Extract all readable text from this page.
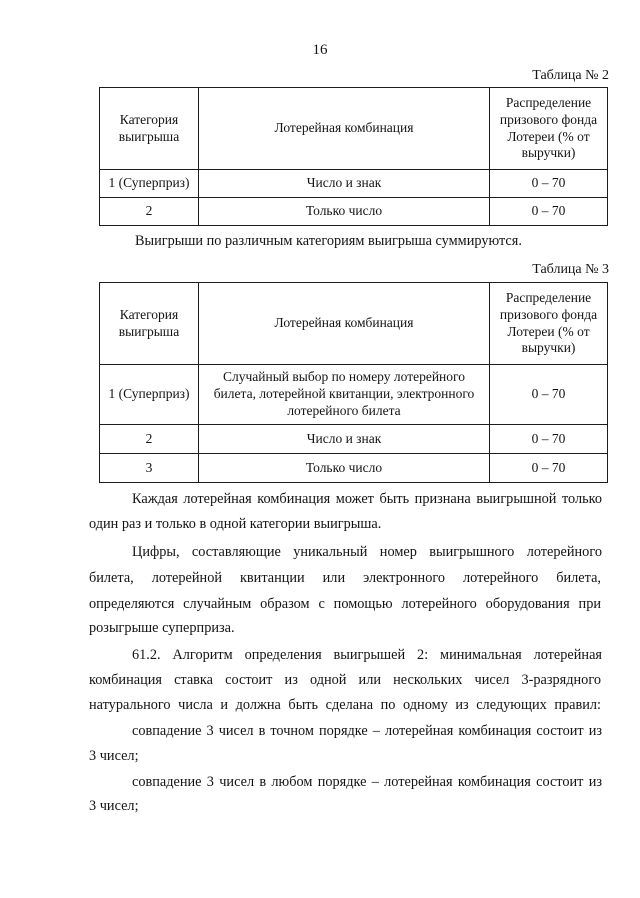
16
Таблица № 2
Категория выигрыша	Лотерейная комбинация	Распределение призового фонда Лотереи (% от выручки)
1 (Суперприз)	Число и знак	0 – 70
2	Только число	0 – 70
Выигрыши по различным категориям выигрыша суммируются.
Таблица № 3
Категория выигрыша	Лотерейная комбинация	Распределение призового фонда Лотереи (% от выручки)
1 (Суперприз)	Случайный выбор по номеру лотерейного билета, лотерейной квитанции, электронного лотерейного билета	0 – 70
2	Число и знак	0 – 70
3	Только число	0 – 70
Каждая лотерейная комбинация может быть признана выигрышной только
один раз и только в одной категории выигрыша.
Цифры, составляющие уникальный номер выигрышного лотерейного
билета, лотерейной квитанции или электронного лотерейного билета,
определяются случайным образом с помощью лотерейного оборудования при
розыгрыше суперприза.
61.2. Алгоритм определения выигрышей 2: минимальная лотерейная
комбинация ставка состоит из одной или нескольких чисел 3-разрядного
натурального числа и должна быть сделана по одному из следующих правил:
совпадение 3 чисел в точном порядке – лотерейная комбинация состоит из
3 чисел;
совпадение 3 чисел в любом порядке – лотерейная комбинация состоит из
3 чисел;
